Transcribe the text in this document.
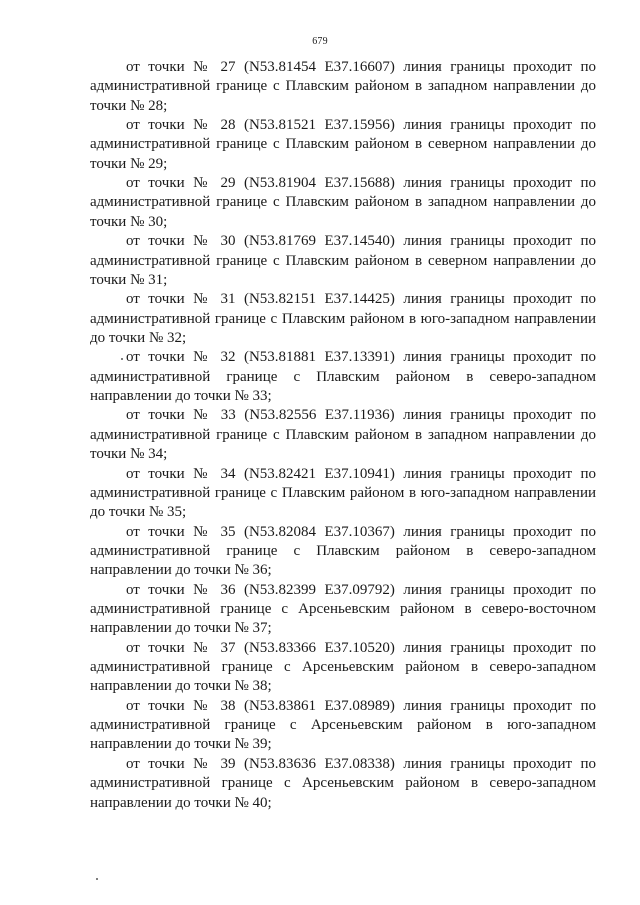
679

от точки № 27 (N53.81454 E37.16607) линия границы проходит по административной границе с Плавским районом в западном направлении до точки № 28;

от точки № 28 (N53.81521 E37.15956) линия границы проходит по административной границе с Плавским районом в северном направлении до точки № 29;

от точки № 29 (N53.81904 E37.15688) линия границы проходит по административной границе с Плавским районом в западном направлении до точки № 30;

от точки № 30 (N53.81769 E37.14540) линия границы проходит по административной границе с Плавским районом в северном направлении до точки № 31;

от точки № 31 (N53.82151 E37.14425) линия границы проходит по административной границе с Плавским районом в юго-западном направлении до точки № 32;

от точки № 32 (N53.81881 E37.13391) линия границы проходит по административной границе с Плавским районом в северо-западном направлении до точки № 33;

от точки № 33 (N53.82556 E37.11936) линия границы проходит по административной границе с Плавским районом в западном направлении до точки № 34;

от точки № 34 (N53.82421 E37.10941) линия границы проходит по административной границе с Плавским районом в юго-западном направлении до точки № 35;

от точки № 35 (N53.82084 E37.10367) линия границы проходит по административной границе с Плавским районом в северо-западном направлении до точки № 36;

от точки № 36 (N53.82399 E37.09792) линия границы проходит по административной границе с Арсеньевским районом в северо-восточном направлении до точки № 37;

от точки № 37 (N53.83366 E37.10520) линия границы проходит по административной границе с Арсеньевским районом в северо-западном направлении до точки № 38;

от точки № 38 (N53.83861 E37.08989) линия границы проходит по административной границе с Арсеньевским районом в юго-западном направлении до точки № 39;

от точки № 39 (N53.83636 E37.08338) линия границы проходит по административной границе с Арсеньевским районом в северо-западном направлении до точки № 40;
